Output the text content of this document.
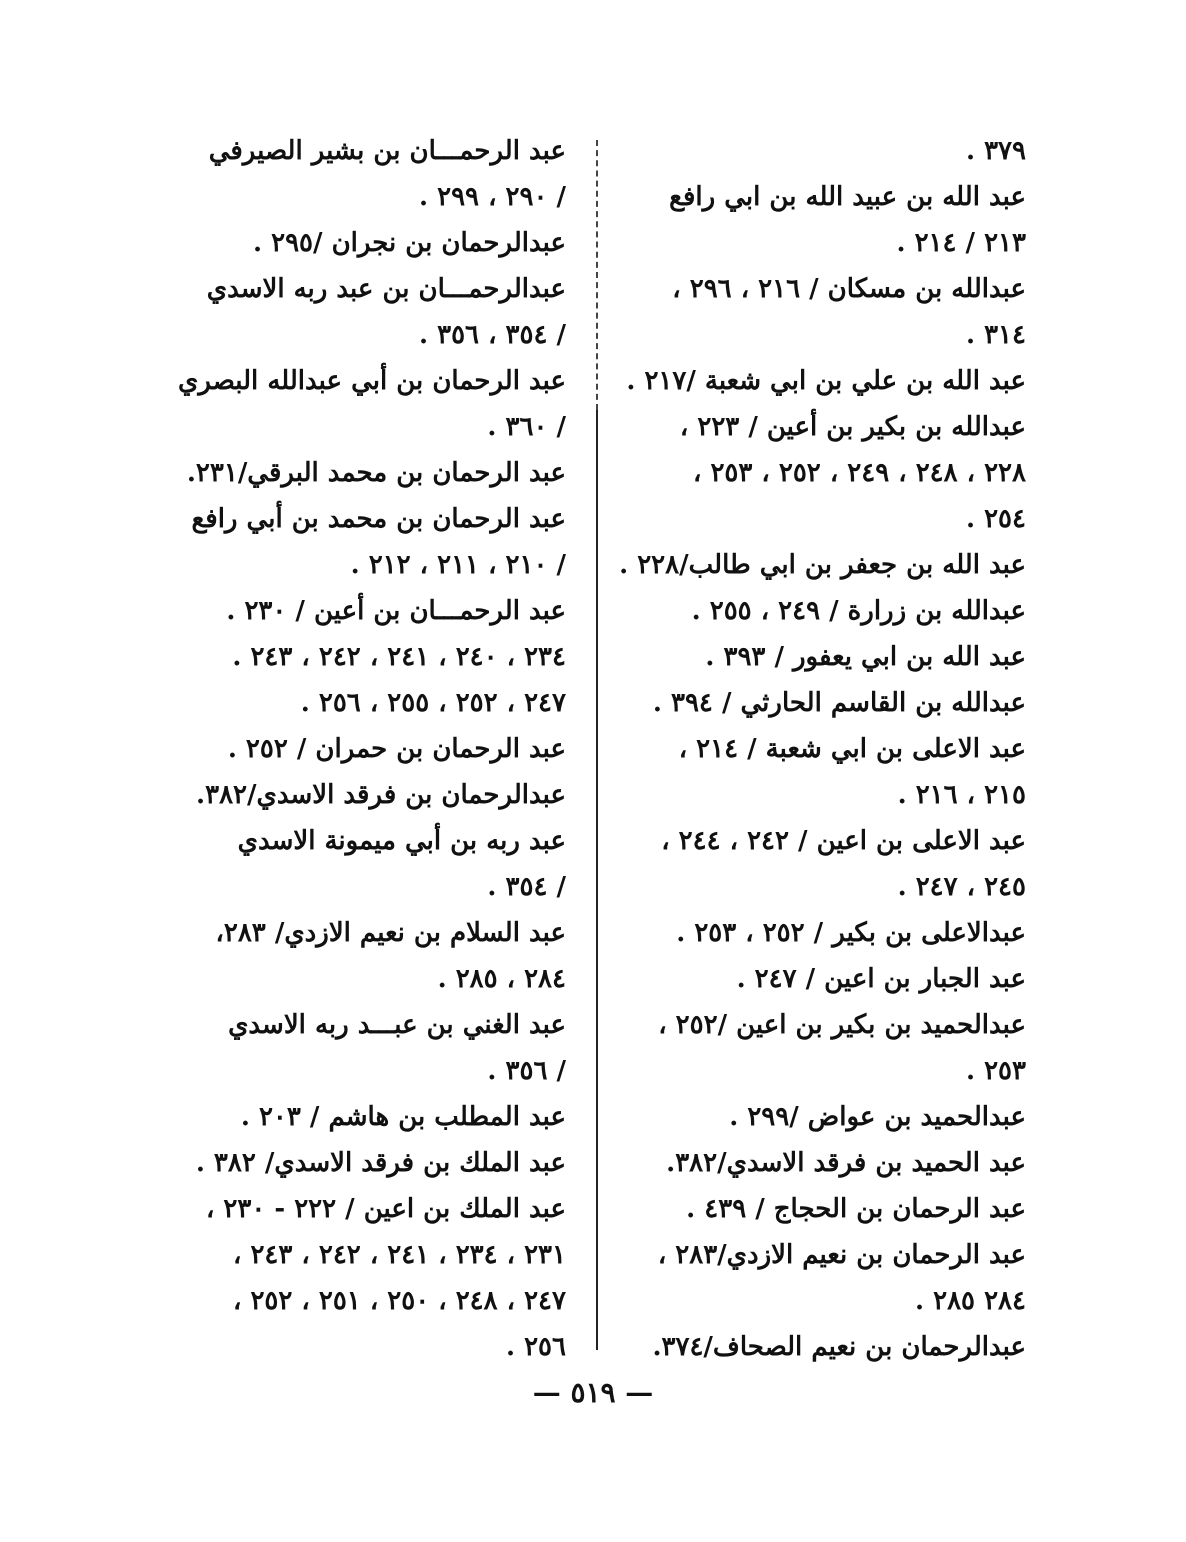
٣٧٩ .
عبد الله بن عبيد الله بن ابي رافع
٢١٣ / ٢١٤ .
عبدالله بن مسكان / ٢١٦ ، ٢٩٦ ،
٣١٤ .
عبد الله بن علي بن ابي شعبة /٢١٧ .
عبدالله بن بكير بن أعين / ٢٢٣ ،
٢٢٨ ، ٢٤٨ ، ٢٤٩ ، ٢٥٢ ، ٢٥٣ ،
٢٥٤ .
عبد الله بن جعفر بن ابي طالب/٢٢٨ .
عبدالله بن زرارة / ٢٤٩ ، ٢٥٥ .
عبد الله بن ابي يعفور / ٣٩٣ .
عبدالله بن القاسم الحارثي / ٣٩٤ .
عبد الاعلى بن ابي شعبة / ٢١٤ ،
٢١٥ ، ٢١٦ .
عبد الاعلى بن اعين / ٢٤٢ ، ٢٤٤ ،
٢٤٥ ، ٢٤٧ .
عبدالاعلى بن بكير / ٢٥٢ ، ٢٥٣ .
عبد الجبار بن اعين / ٢٤٧ .
عبدالحميد بن بكير بن اعين /٢٥٢ ،
٢٥٣ .
عبدالحميد بن عواض /٢٩٩ .
عبد الحميد بن فرقد الاسدي/٣٨٢.
عبد الرحمان بن الحجاج / ٤٣٩ .
عبد الرحمان بن نعيم الازدي/٢٨٣ ،
٢٨٤ ٢٨٥ .
عبدالرحمان بن نعيم الصحاف/٣٧٤.
عبد الرحمـــان بن بشير الصيرفي
/ ٢٩٠ ، ٢٩٩ .
عبدالرحمان بن نجران /٢٩٥ .
عبدالرحمـــان بن عبد ربه الاسدي
/ ٣٥٤ ، ٣٥٦ .
عبد الرحمان بن أبي عبدالله البصري
/ ٣٦٠ .
عبد الرحمان بن محمد البرقي/٢٣١.
عبد الرحمان بن محمد بن أبي رافع
/ ٢١٠ ، ٢١١ ، ٢١٢ .
عبد الرحمـــان بن أعين / ٢٣٠ .
٢٣٤ ، ٢٤٠ ، ٢٤١ ، ٢٤٢ ، ٢٤٣ .
٢٤٧ ، ٢٥٢ ، ٢٥٥ ، ٢٥٦ .
عبد الرحمان بن حمران / ٢٥٢ .
عبدالرحمان بن فرقد الاسدي/٣٨٢.
عبد ربه بن أبي ميمونة الاسدي
/ ٣٥٤ .
عبد السلام بن نعيم الازدي/ ٢٨٣،
٢٨٤ ، ٢٨٥ .
عبد الغني بن عبـــد ربه الاسدي
/ ٣٥٦ .
عبد المطلب بن هاشم / ٢٠٣ .
عبد الملك بن فرقد الاسدي/ ٣٨٢ .
عبد الملك بن اعين / ٢٢٢ - ٢٣٠ ،
٢٣١ ، ٢٣٤ ، ٢٤١ ، ٢٤٢ ، ٢٤٣ ،
٢٤٧ ، ٢٤٨ ، ٢٥٠ ، ٢٥١ ، ٢٥٢ ،
٢٥٦ .
— ٥١٩ —
